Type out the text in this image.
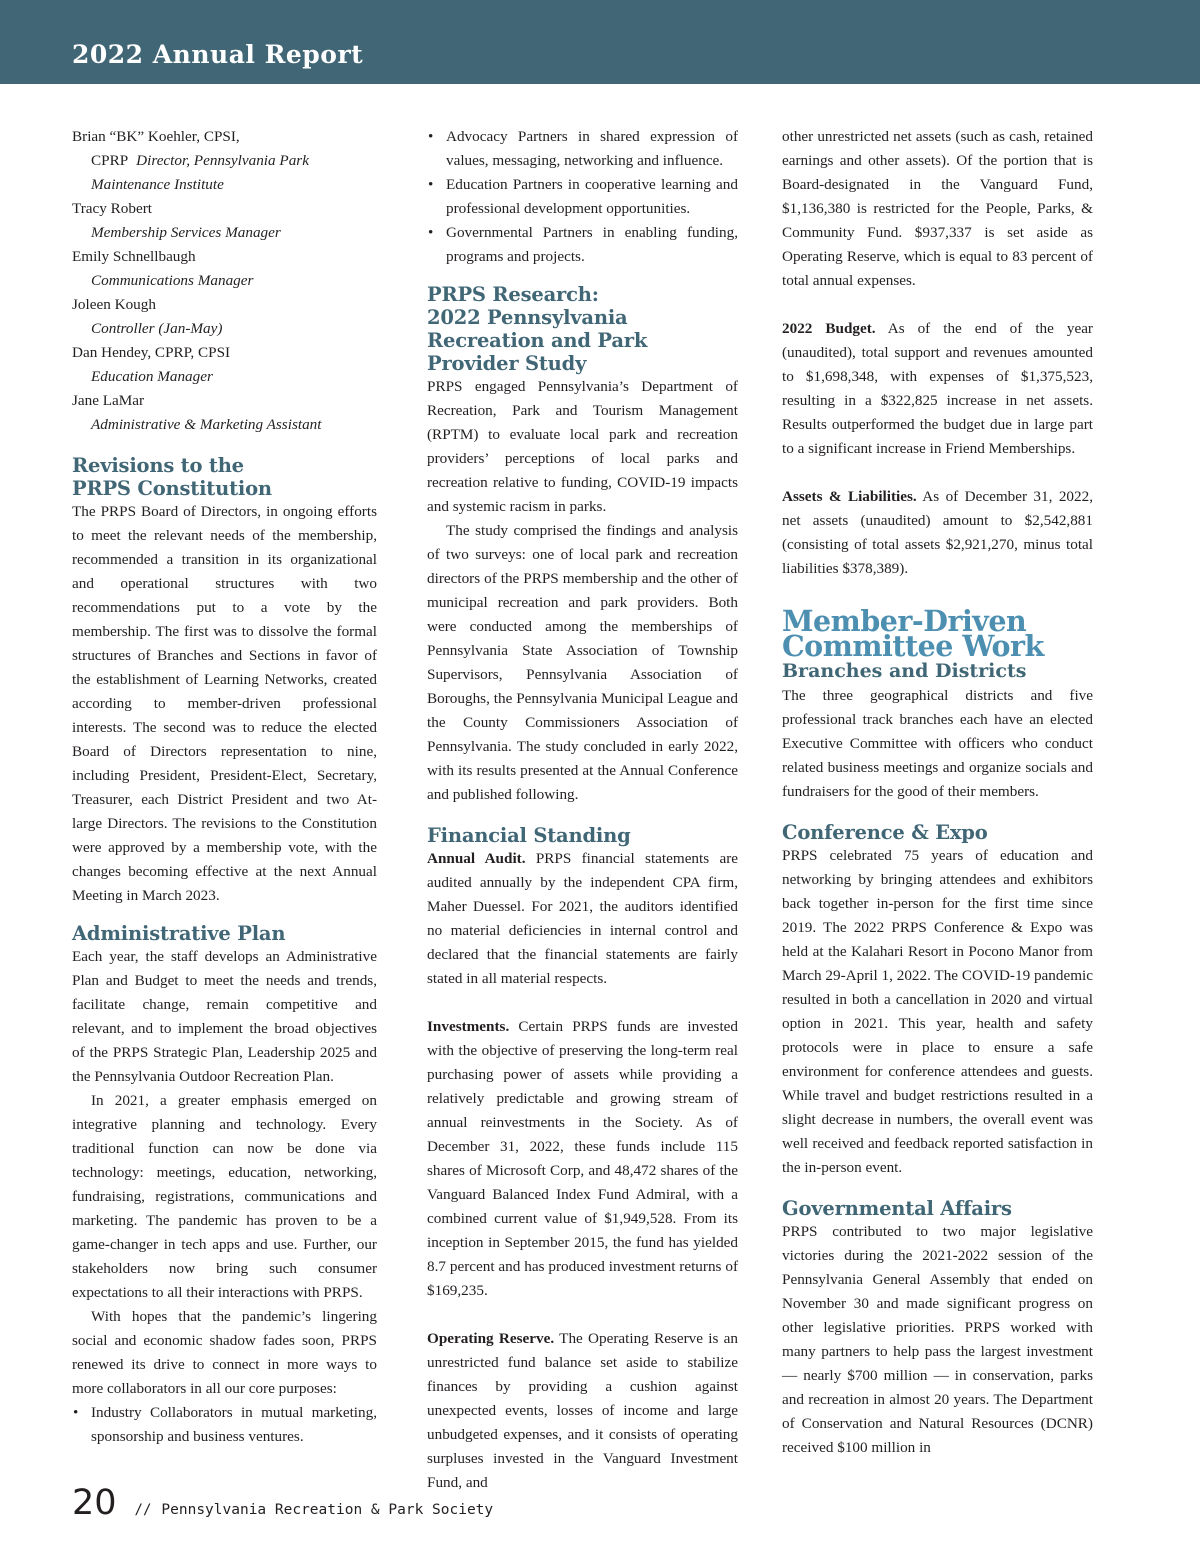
2022 Annual Report

Brian “BK” Koehler, CPSI,

CPRP Director, Pennsylvania Park

Maintenance Institute

Tracy Robert

Membership Services Manager

Emily Schnellbaugh

Communications Manager

Joleen Kough

Controller (Jan-May)

Dan Hendey, CPRP, CPSI

Education Manager

Jane LaMar

Administrative & Marketing Assistant

Revisions to the
PRPS Constitution

The PRPS Board of Directors, in ongoing efforts to meet the relevant needs of the membership, recommended a transition in its organizational and operational structures with two recommendations put to a vote by the membership. The first was to dissolve the formal structures of Branches and Sections in favor of the establishment of Learning Networks, created according to member-driven professional interests. The second was to reduce the elected Board of Directors representation to nine, including President, President-Elect, Secretary, Treasurer, each District President and two At-large Directors. The revisions to the Constitution were approved by a membership vote, with the changes becoming effective at the next Annual Meeting in March 2023.

Administrative Plan

Each year, the staff develops an Administrative Plan and Budget to meet the needs and trends, facilitate change, remain competitive and relevant, and to implement the broad objectives of the PRPS Strategic Plan, Leadership 2025 and the Pennsylvania Outdoor Recreation Plan.

In 2021, a greater emphasis emerged on integrative planning and technology. Every traditional function can now be done via technology: meetings, education, networking, fundraising, registrations, communications and marketing. The pandemic has proven to be a game-changer in tech apps and use. Further, our stakeholders now bring such consumer expectations to all their interactions with PRPS.

With hopes that the pandemic’s lingering social and economic shadow fades soon, PRPS renewed its drive to connect in more ways to more collaborators in all our core purposes:

• Industry Collaborators in mutual marketing, sponsorship and business ventures.
• Advocacy Partners in shared expression of values, messaging, networking and influence.
• Education Partners in cooperative learning and professional development opportunities.
• Governmental Partners in enabling funding, programs and projects.
PRPS Research:
2022 Pennsylvania
Recreation and Park
Provider Study

PRPS engaged Pennsylvania’s Department of Recreation, Park and Tourism Management (RPTM) to evaluate local park and recreation providers’ perceptions of local parks and recreation relative to funding, COVID-19 impacts and systemic racism in parks.

The study comprised the findings and analysis of two surveys: one of local park and recreation directors of the PRPS membership and the other of municipal recreation and park providers. Both were conducted among the memberships of Pennsylvania State Association of Township Supervisors, Pennsylvania Association of Boroughs, the Pennsylvania Municipal League and the County Commissioners Association of Pennsylvania. The study concluded in early 2022, with its results presented at the Annual Conference and published following.

Financial Standing

Annual Audit. PRPS financial statements are audited annually by the independent CPA firm, Maher Duessel. For 2021, the auditors identified no material deficiencies in internal control and declared that the financial statements are fairly stated in all material respects.

Investments. Certain PRPS funds are invested with the objective of preserving the long-term real purchasing power of assets while providing a relatively predictable and growing stream of annual reinvestments in the Society. As of December 31, 2022, these funds include 115 shares of Microsoft Corp, and 48,472 shares of the Vanguard Balanced Index Fund Admiral, with a combined current value of $1,949,528. From its inception in September 2015, the fund has yielded 8.7 percent and has produced investment returns of $169,235.

Operating Reserve. The Operating Reserve is an unrestricted fund balance set aside to stabilize finances by providing a cushion against unexpected events, losses of income and large unbudgeted expenses, and it consists of operating surpluses invested in the Vanguard Investment Fund, and

other unrestricted net assets (such as cash, retained earnings and other assets). Of the portion that is Board-designated in the Vanguard Fund, $1,136,380 is restricted for the People, Parks, & Community Fund. $937,337 is set aside as Operating Reserve, which is equal to 83 percent of total annual expenses.

2022 Budget. As of the end of the year (unaudited), total support and revenues amounted to $1,698,348, with expenses of $1,375,523, resulting in a $322,825 increase in net assets. Results outperformed the budget due in large part to a significant increase in Friend Memberships.

Assets & Liabilities. As of December 31, 2022, net assets (unaudited) amount to $2,542,881 (consisting of total assets $2,921,270, minus total liabilities $378,389).

Member-Driven
Committee Work
Branches and Districts

The three geographical districts and five professional track branches each have an elected Executive Committee with officers who conduct related business meetings and organize socials and fundraisers for the good of their members.

Conference & Expo

PRPS celebrated 75 years of education and networking by bringing attendees and exhibitors back together in-person for the first time since 2019. The 2022 PRPS Conference & Expo was held at the Kalahari Resort in Pocono Manor from March 29-April 1, 2022. The COVID-19 pandemic resulted in both a cancellation in 2020 and virtual option in 2021. This year, health and safety protocols were in place to ensure a safe environment for conference attendees and guests. While travel and budget restrictions resulted in a slight decrease in numbers, the overall event was well received and feedback reported satisfaction in the in-person event.

Governmental Affairs

PRPS contributed to two major legislative victories during the 2021-2022 session of the Pennsylvania General Assembly that ended on November 30 and made significant progress on other legislative priorities. PRPS worked with many partners to help pass the largest investment — nearly $700 million — in conservation, parks and recreation in almost 20 years. The Department of Conservation and Natural Resources (DCNR) received $100 million in

20 // Pennsylvania Recreation & Park Society
